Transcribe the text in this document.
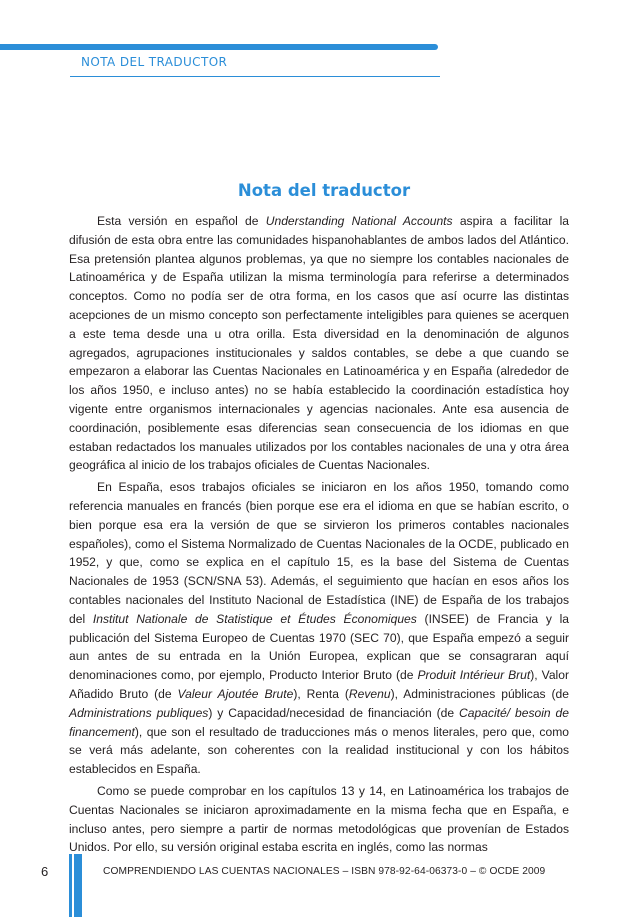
NOTA DEL TRADUCTOR
Nota del traductor

Esta versión en español de Understanding National Accounts aspira a facilitar la difusión de esta obra entre las comunidades hispanohablantes de ambos lados del Atlántico. Esa pretensión plantea algunos problemas, ya que no siempre los contables nacionales de Latinoamérica y de España utilizan la misma terminología para referirse a determinados conceptos. Como no podía ser de otra forma, en los casos que así ocurre las distintas acepciones de un mismo concepto son perfectamente inteligibles para quienes se acerquen a este tema desde una u otra orilla. Esta diversidad en la denominación de algunos agregados, agrupaciones institucionales y saldos contables, se debe a que cuando se empezaron a elaborar las Cuentas Nacionales en Latinoamérica y en España (alrededor de los años 1950, e incluso antes) no se había establecido la coordinación estadística hoy vigente entre organismos internacionales y agencias nacionales. Ante esa ausencia de coordinación, posiblemente esas diferencias sean consecuencia de los idiomas en que estaban redactados los manuales utilizados por los contables nacionales de una y otra área geográfica al inicio de los trabajos oficiales de Cuentas Nacionales.

En España, esos trabajos oficiales se iniciaron en los años 1950, tomando como referencia manuales en francés (bien porque ese era el idioma en que se habían escrito, o bien porque esa era la versión de que se sirvieron los primeros contables nacionales españoles), como el Sistema Normalizado de Cuentas Nacionales de la OCDE, publicado en 1952, y que, como se explica en el capítulo 15, es la base del Sistema de Cuentas Nacionales de 1953 (SCN/SNA 53). Además, el seguimiento que hacían en esos años los contables nacionales del Instituto Nacional de Estadística (INE) de España de los trabajos del Institut Nationale de Statistique et Études Économiques (INSEE) de Francia y la publicación del Sistema Europeo de Cuentas 1970 (SEC 70), que España empezó a seguir aun antes de su entrada en la Unión Europea, explican que se consagraran aquí denominaciones como, por ejemplo, Producto Interior Bruto (de Produit Intérieur Brut), Valor Añadido Bruto (de Valeur Ajoutée Brute), Renta (Revenu), Administraciones públicas (de Administrations publiques) y Capacidad/necesidad de financiación (de Capacité/ besoin de financement), que son el resultado de traducciones más o menos literales, pero que, como se verá más adelante, son coherentes con la realidad institucional y con los hábitos establecidos en España.

Como se puede comprobar en los capítulos 13 y 14, en Latinoamérica los trabajos de Cuentas Nacionales se iniciaron aproximadamente en la misma fecha que en España, e incluso antes, pero siempre a partir de normas metodológicas que provenían de Estados Unidos. Por ello, su versión original estaba escrita en inglés, como las normas

6	COMPRENDIENDO LAS CUENTAS NACIONALES – ISBN 978-92-64-06373-0 – © OCDE 2009
